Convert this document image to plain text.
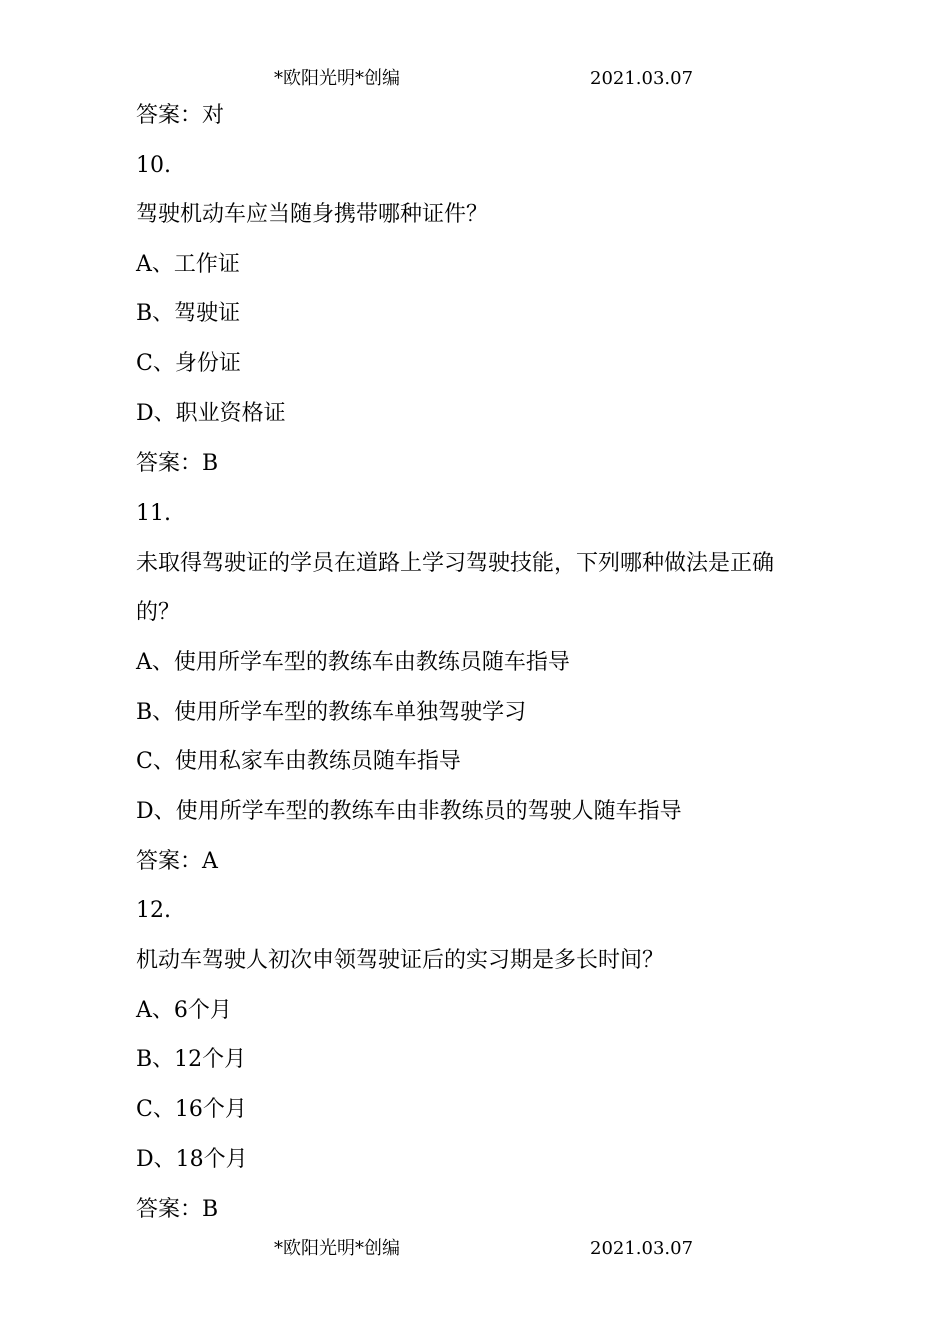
*欧阳光明*创编	2021.03.07
答案：对
10.
驾驶机动车应当随身携带哪种证件？
A、工作证
B、驾驶证
C、身份证
D、职业资格证
答案：B
11.
未取得驾驶证的学员在道路上学习驾驶技能，下列哪种做法是正确
的？
A、使用所学车型的教练车由教练员随车指导
B、使用所学车型的教练车单独驾驶学习
C、使用私家车由教练员随车指导
D、使用所学车型的教练车由非教练员的驾驶人随车指导
答案：A
12.
机动车驾驶人初次申领驾驶证后的实习期是多长时间？
A、6个月
B、12个月
C、16个月
D、18个月
答案：B
*欧阳光明*创编	2021.03.07
